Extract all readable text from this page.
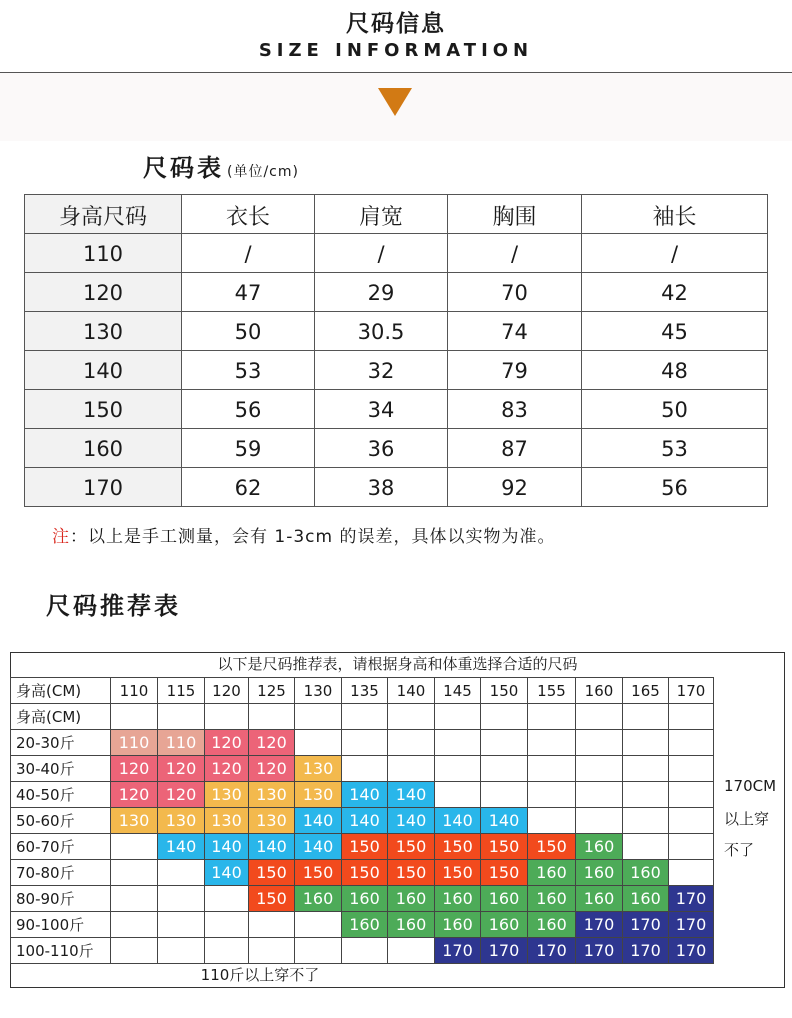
尺码信息
SIZE INFORMATION
尺码表 (单位/cm)
身高尺码	衣长	肩宽	胸围	袖长
110	/	/	/	/
120	47	29	70	42
130	50	30.5	74	45
140	53	32	79	48
150	56	34	83	50
160	59	36	87	53
170	62	38	92	56
注：以上是手工测量，会有 1-3cm 的误差，具体以实物为准。
尺码推荐表
以下是尺码推荐表，请根据身高和体重选择合适的尺码
身高(CM)	110	115	120	125	130	135	140	145	150	155	160	165	170
身高(CM)													
20-30斤	110	110	120	120									
30-40斤	120	120	120	120	130								
40-50斤	120	120	130	130	130	140	140						
50-60斤	130	130	130	130	140	140	140	140	140				
60-70斤		140	140	140	140	150	150	150	150	150	160		
70-80斤			140	150	150	150	150	150	150	160	160	160	
80-90斤				150	160	160	160	160	160	160	160	160	170
90-100斤						160	160	160	160	160	170	170	170
100-110斤								170	170	170	170	170	170
170CM
以上穿
不了
110斤以上穿不了
